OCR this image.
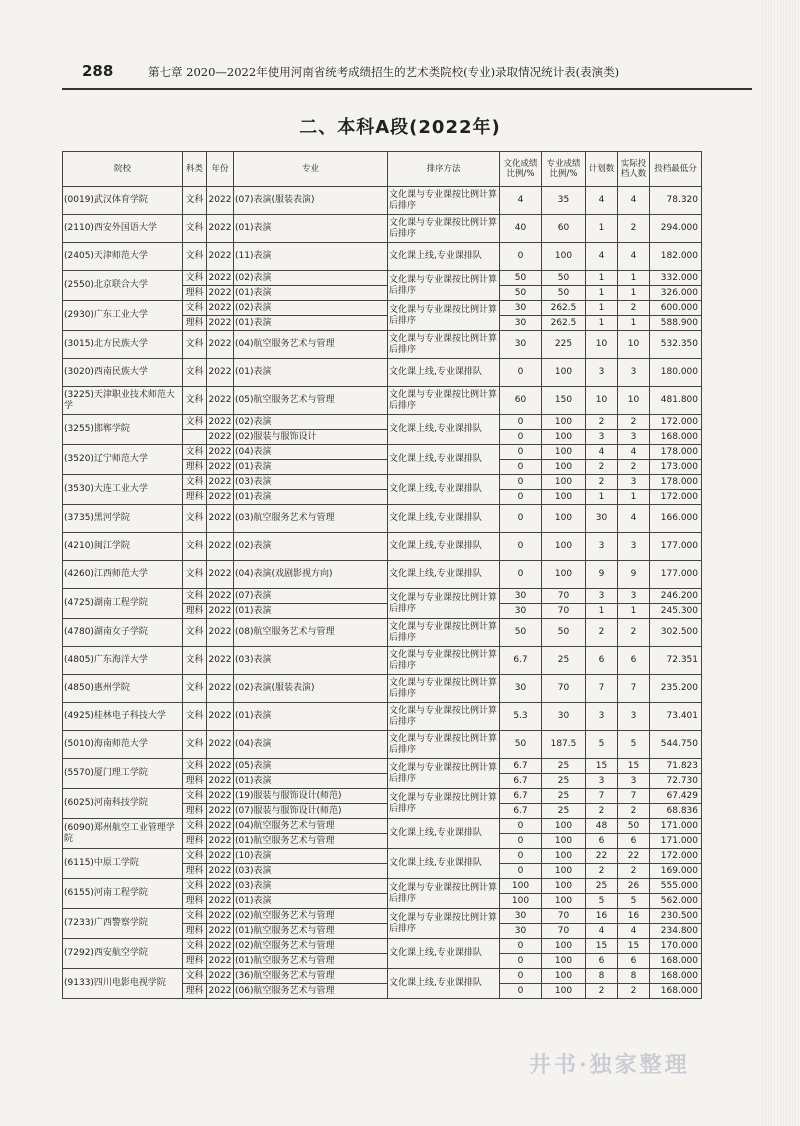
288	第七章 2020—2022年使用河南省统考成绩招生的艺术类院校(专业)录取情况统计表(表演类)
二、本科A段(2022年)
院校	科类	年份	专业	排序方法	文化成绩比例/%	专业成绩比例/%	计划数	实际投档人数	投档最低分
(0019)武汉体育学院	文科	2022	(07)表演(服装表演)	文化课与专业课按比例计算后排序	4	35	4	4	78.320
(2110)西安外国语大学	文科	2022	(01)表演	文化课与专业课按比例计算后排序	40	60	1	2	294.000
(2405)天津师范大学	文科	2022	(11)表演	文化课上线,专业课排队	0	100	4	4	182.000
(2550)北京联合大学	文科	2022	(02)表演	文化课与专业课按比例计算后排序	50	50	1	1	332.000
	理科	2022	(01)表演		50	50	1	1	326.000
(2930)广东工业大学	文科	2022	(02)表演	文化课与专业课按比例计算后排序	30	262.5	1	2	600.000
	理科	2022	(01)表演		30	262.5	1	1	588.900
(3015)北方民族大学	文科	2022	(04)航空服务艺术与管理	文化课与专业课按比例计算后排序	30	225	10	10	532.350
(3020)西南民族大学	文科	2022	(01)表演	文化课上线,专业课排队	0	100	3	3	180.000
(3225)天津职业技术师范大学	文科	2022	(05)航空服务艺术与管理	文化课与专业课按比例计算后排序	60	150	10	10	481.800
(3255)邯郸学院	文科	2022	(02)表演	文化课上线,专业课排队	0	100	2	2	172.000
		2022	(02)服装与服饰设计		0	100	3	3	168.000
(3520)辽宁师范大学	文科	2022	(04)表演	文化课上线,专业课排队	0	100	4	4	178.000
	理科	2022	(01)表演		0	100	2	2	173.000
(3530)大连工业大学	文科	2022	(03)表演	文化课上线,专业课排队	0	100	2	3	178.000
	理科	2022	(01)表演		0	100	1	1	172.000
(3735)黑河学院	文科	2022	(03)航空服务艺术与管理	文化课上线,专业课排队	0	100	30	4	166.000
(4210)闽江学院	文科	2022	(02)表演	文化课上线,专业课排队	0	100	3	3	177.000
(4260)江西师范大学	文科	2022	(04)表演(戏剧影视方向)	文化课上线,专业课排队	0	100	9	9	177.000
(4725)湖南工程学院	文科	2022	(07)表演	文化课与专业课按比例计算后排序	30	70	3	3	246.200
	理科	2022	(01)表演		30	70	1	1	245.300
(4780)湖南女子学院	文科	2022	(08)航空服务艺术与管理	文化课与专业课按比例计算后排序	50	50	2	2	302.500
(4805)广东海洋大学	文科	2022	(03)表演	文化课与专业课按比例计算后排序	6.7	25	6	6	72.351
(4850)惠州学院	文科	2022	(02)表演(服装表演)	文化课与专业课按比例计算后排序	30	70	7	7	235.200
(4925)桂林电子科技大学	文科	2022	(01)表演	文化课与专业课按比例计算后排序	5.3	30	3	3	73.401
(5010)海南师范大学	文科	2022	(04)表演	文化课与专业课按比例计算后排序	50	187.5	5	5	544.750
(5570)厦门理工学院	文科	2022	(05)表演	文化课与专业课按比例计算后排序	6.7	25	15	15	71.823
	理科	2022	(01)表演		6.7	25	3	3	72.730
(6025)河南科技学院	文科	2022	(19)服装与服饰设计(师范)	文化课与专业课按比例计算后排序	6.7	25	7	7	67.429
	理科	2022	(07)服装与服饰设计(师范)		6.7	25	2	2	68.836
(6090)郑州航空工业管理学院	文科	2022	(04)航空服务艺术与管理	文化课上线,专业课排队	0	100	48	50	171.000
	理科	2022	(01)航空服务艺术与管理		0	100	6	6	171.000
(6115)中原工学院	文科	2022	(10)表演	文化课上线,专业课排队	0	100	22	22	172.000
	理科	2022	(03)表演		0	100	2	2	169.000
(6155)河南工程学院	文科	2022	(03)表演	文化课与专业课按比例计算后排序	100	100	25	26	555.000
	理科	2022	(01)表演		100	100	5	5	562.000
(7233)广西警察学院	文科	2022	(02)航空服务艺术与管理	文化课与专业课按比例计算后排序	30	70	16	16	230.500
	理科	2022	(01)航空服务艺术与管理		30	70	4	4	234.800
(7292)西安航空学院	文科	2022	(02)航空服务艺术与管理	文化课上线,专业课排队	0	100	15	15	170.000
	理科	2022	(01)航空服务艺术与管理		0	100	6	6	168.000
(9133)四川电影电视学院	文科	2022	(36)航空服务艺术与管理	文化课上线,专业课排队	0	100	8	8	168.000
	理科	2022	(06)航空服务艺术与管理		0	100	2	2	168.000
井书·独家整理
